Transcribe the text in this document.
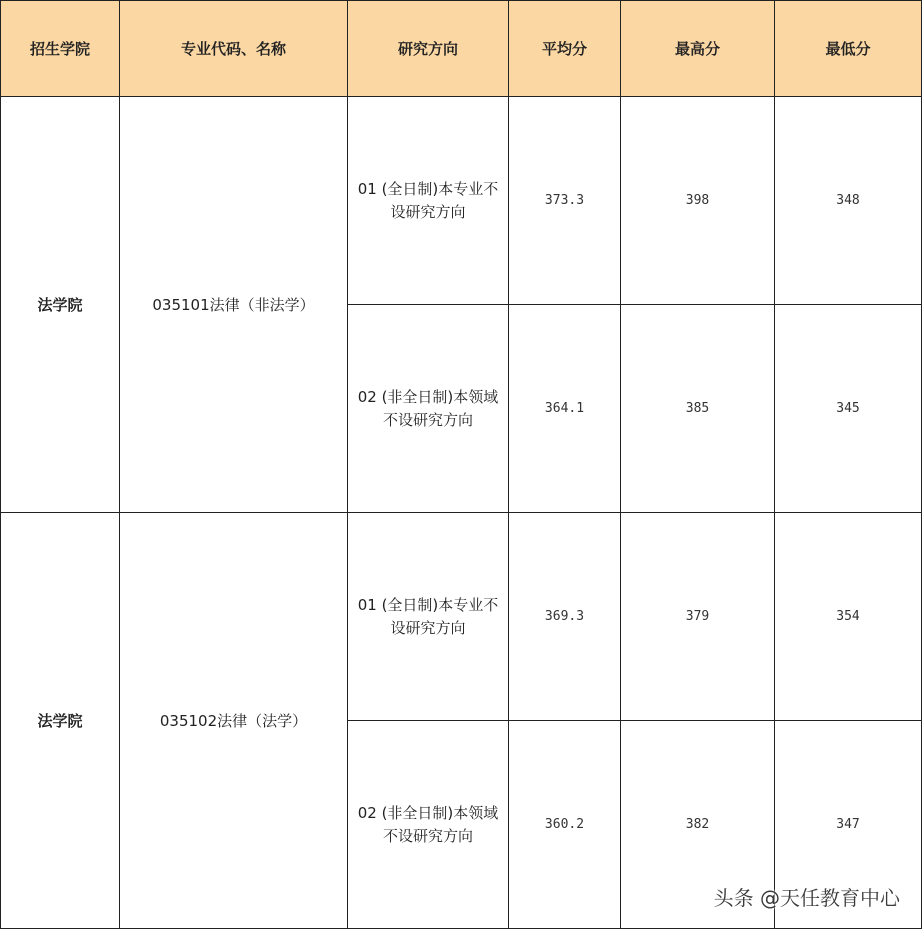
招生学院	专业代码、名称	研究方向	平均分	最高分	最低分
法学院	035101法律（非法学）	01 (全日制)本专业不设研究方向	373.3	398	348
		02 (非全日制)本领域不设研究方向	364.1	385	345
法学院	035102法律（法学）	01 (全日制)本专业不设研究方向	369.3	379	354
		02 (非全日制)本领域不设研究方向	360.2	382	347
头条 @天任教育中心
